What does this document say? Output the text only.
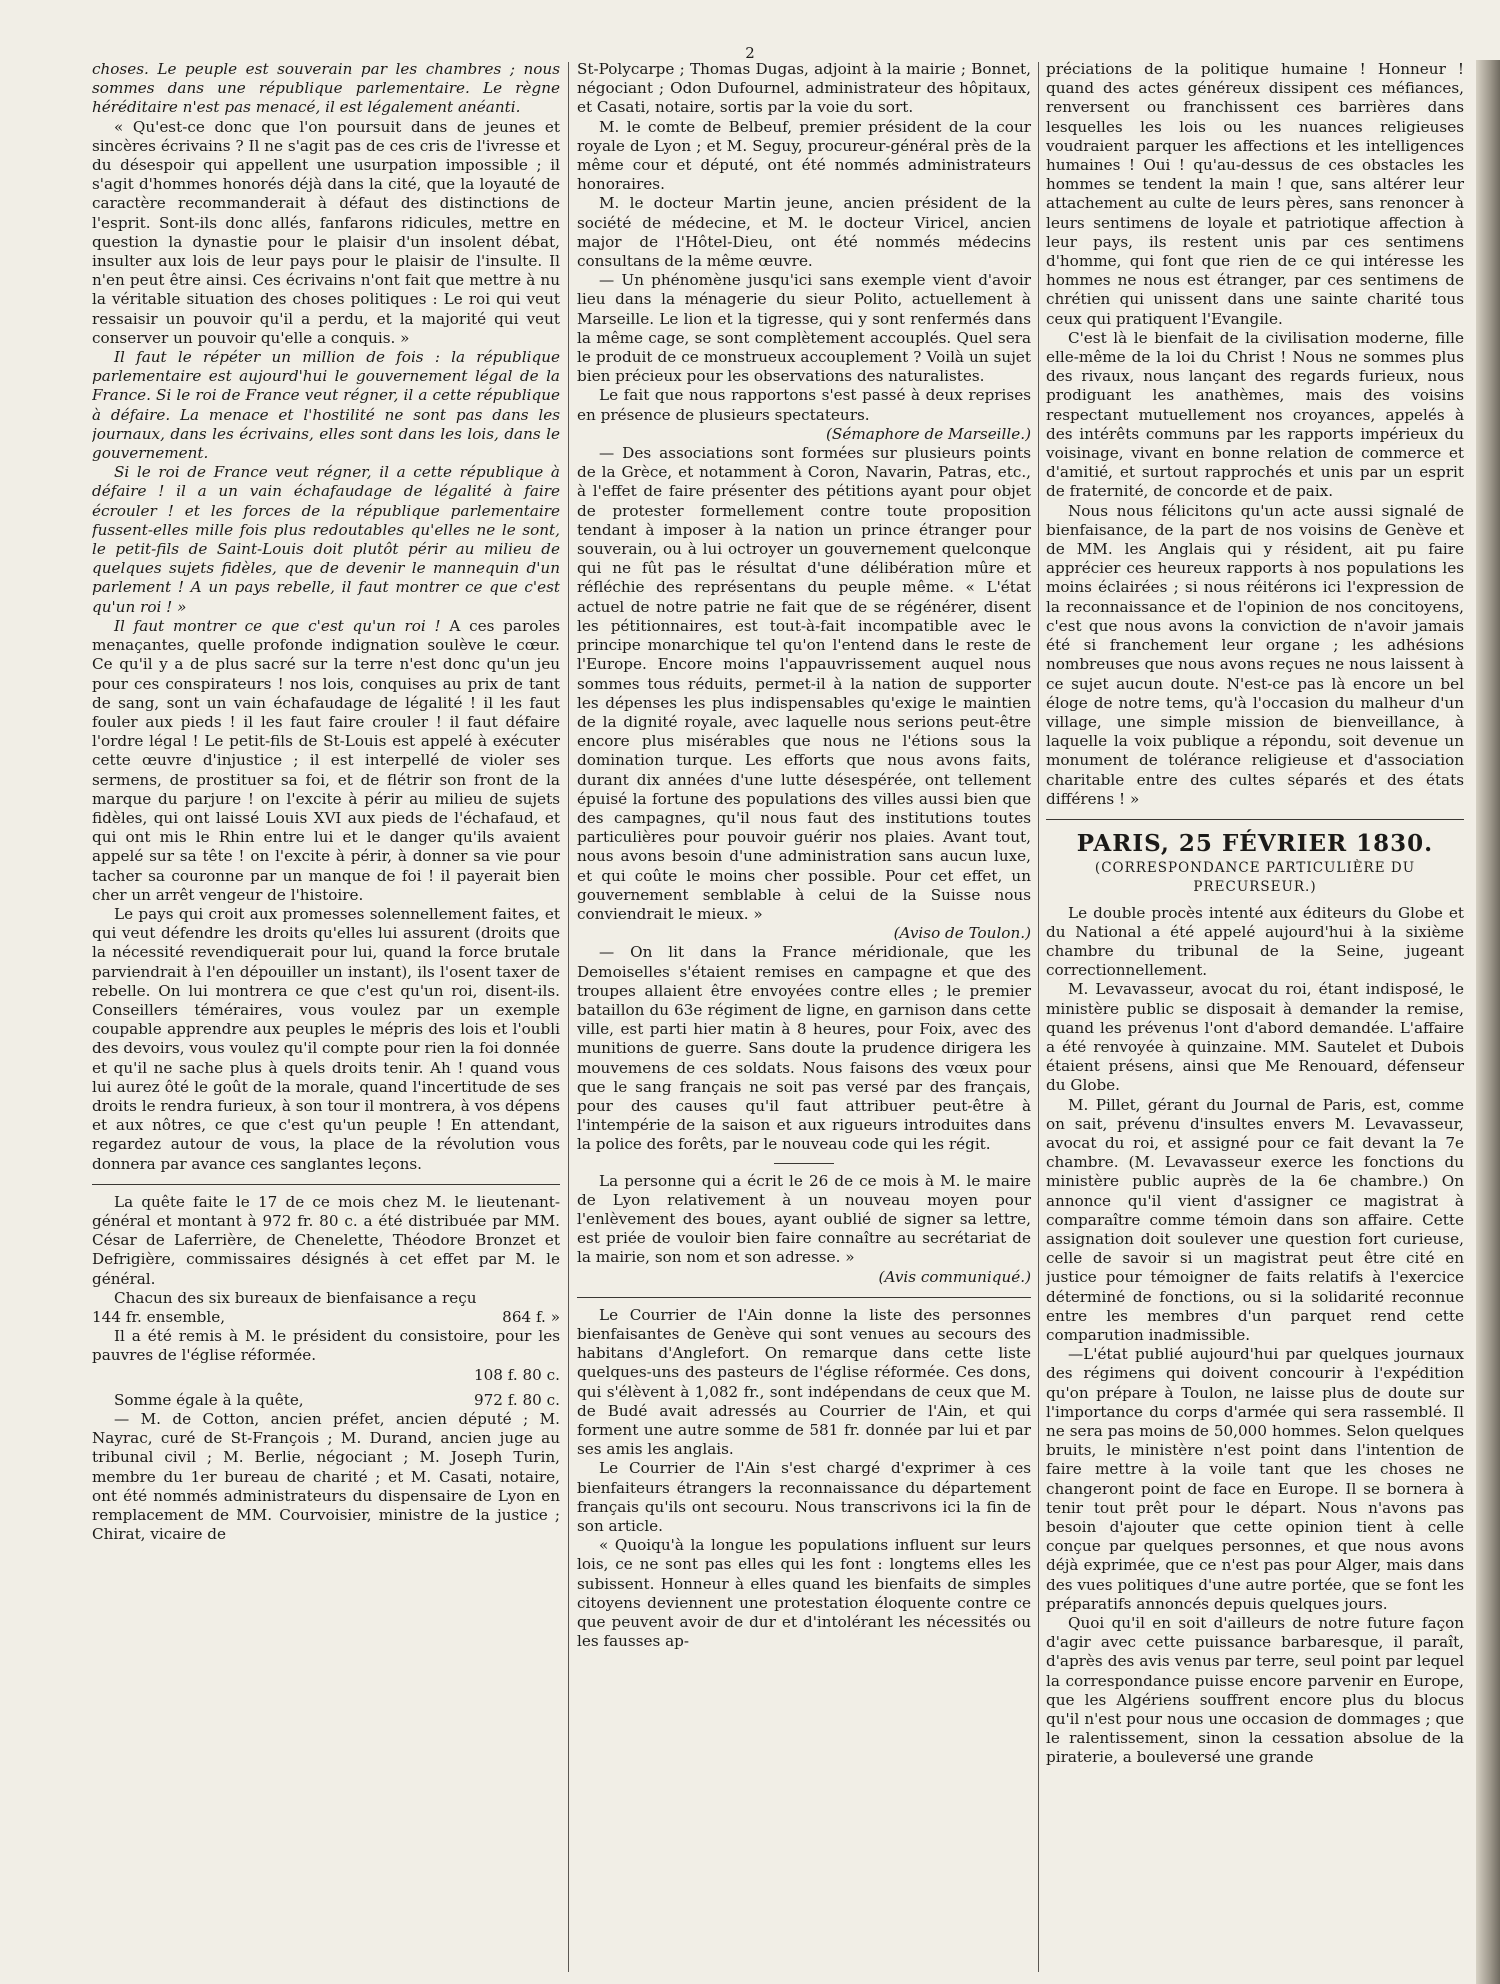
2

choses. Le peuple est souverain par les chambres ; nous sommes dans une république parlementaire. Le règne héréditaire n'est pas menacé, il est légalement anéanti.

« Qu'est-ce donc que l'on poursuit dans de jeunes et sincères écrivains ? Il ne s'agit pas de ces cris de l'ivresse et du désespoir qui appellent une usurpation impossible ; il s'agit d'hommes honorés déjà dans la cité, que la loyauté de caractère recommanderait à défaut des distinctions de l'esprit. Sont-ils donc allés, fanfarons ridicules, mettre en question la dynastie pour le plaisir d'un insolent débat, insulter aux lois de leur pays pour le plaisir de l'insulte. Il n'en peut être ainsi. Ces écrivains n'ont fait que mettre à nu la véritable situation des choses politiques : Le roi qui veut ressaisir un pouvoir qu'il a perdu, et la majorité qui veut conserver un pouvoir qu'elle a conquis. »

Il faut le répéter un million de fois : la république parlementaire est aujourd'hui le gouvernement légal de la France. Si le roi de France veut régner, il a cette république à défaire. La menace et l'hostilité ne sont pas dans les journaux, dans les écrivains, elles sont dans les lois, dans le gouvernement.

Si le roi de France veut régner, il a cette république à défaire ! il a un vain échafaudage de légalité à faire écrouler ! et les forces de la république parlementaire fussent-elles mille fois plus redoutables qu'elles ne le sont, le petit-fils de Saint-Louis doit plutôt périr au milieu de quelques sujets fidèles, que de devenir le mannequin d'un parlement ! A un pays rebelle, il faut montrer ce que c'est qu'un roi ! »

Il faut montrer ce que c'est qu'un roi ! A ces paroles menaçantes, quelle profonde indignation soulève le cœur. Ce qu'il y a de plus sacré sur la terre n'est donc qu'un jeu pour ces conspirateurs ! nos lois, conquises au prix de tant de sang, sont un vain échafaudage de légalité ! il les faut fouler aux pieds ! il les faut faire crouler ! il faut défaire l'ordre légal ! Le petit-fils de St-Louis est appelé à exécuter cette œuvre d'injustice ; il est interpellé de violer ses sermens, de prostituer sa foi, et de flétrir son front de la marque du parjure ! on l'excite à périr au milieu de sujets fidèles, qui ont laissé Louis XVI aux pieds de l'échafaud, et qui ont mis le Rhin entre lui et le danger qu'ils avaient appelé sur sa tête ! on l'excite à périr, à donner sa vie pour tacher sa couronne par un manque de foi ! il payerait bien cher un arrêt vengeur de l'histoire.

Le pays qui croit aux promesses solennellement faites, et qui veut défendre les droits qu'elles lui assurent (droits que la nécessité revendiquerait pour lui, quand la force brutale parviendrait à l'en dépouiller un instant), ils l'osent taxer de rebelle. On lui montrera ce que c'est qu'un roi, disent-ils. Conseillers téméraires, vous voulez par un exemple coupable apprendre aux peuples le mépris des lois et l'oubli des devoirs, vous voulez qu'il compte pour rien la foi donnée et qu'il ne sache plus à quels droits tenir. Ah ! quand vous lui aurez ôté le goût de la morale, quand l'incertitude de ses droits le rendra furieux, à son tour il montrera, à vos dépens et aux nôtres, ce que c'est qu'un peuple ! En attendant, regardez autour de vous, la place de la révolution vous donnera par avance ces sanglantes leçons.

La quête faite le 17 de ce mois chez M. le lieutenant-général et montant à 972 fr. 80 c. a été distribuée par MM. César de Laferrière, de Chenelette, Théodore Bronzet et Defrigière, commissaires désignés à cet effet par M. le général.

Chacun des six bureaux de bienfaisance a reçu

144 fr. ensemble,	864 f. »

Il a été remis à M. le président du consistoire, pour les pauvres de l'église réformée.

108 f. 80 c.
Somme égale à la quête,	972 f. 80 c.

— M. de Cotton, ancien préfet, ancien député ; M. Nayrac, curé de St-François ; M. Durand, ancien juge au tribunal civil ; M. Berlie, négociant ; M. Joseph Turin, membre du 1er bureau de charité ; et M. Casati, notaire, ont été nommés administrateurs du dispensaire de Lyon en remplacement de MM. Courvoisier, ministre de la justice ; Chirat, vicaire de

St-Polycarpe ; Thomas Dugas, adjoint à la mairie ; Bonnet, négociant ; Odon Dufournel, administrateur des hôpitaux, et Casati, notaire, sortis par la voie du sort.

M. le comte de Belbeuf, premier président de la cour royale de Lyon ; et M. Seguy, procureur-général près de la même cour et député, ont été nommés administrateurs honoraires.

M. le docteur Martin jeune, ancien président de la société de médecine, et M. le docteur Viricel, ancien major de l'Hôtel-Dieu, ont été nommés médecins consultans de la même œuvre.

— Un phénomène jusqu'ici sans exemple vient d'avoir lieu dans la ménagerie du sieur Polito, actuellement à Marseille. Le lion et la tigresse, qui y sont renfermés dans la même cage, se sont complètement accouplés. Quel sera le produit de ce monstrueux accouplement ? Voilà un sujet bien précieux pour les observations des naturalistes.

Le fait que nous rapportons s'est passé à deux reprises en présence de plusieurs spectateurs.

(Sémaphore de Marseille.)

— Des associations sont formées sur plusieurs points de la Grèce, et notamment à Coron, Navarin, Patras, etc., à l'effet de faire présenter des pétitions ayant pour objet de protester formellement contre toute proposition tendant à imposer à la nation un prince étranger pour souverain, ou à lui octroyer un gouvernement quelconque qui ne fût pas le résultat d'une délibération mûre et réfléchie des représentans du peuple même. « L'état actuel de notre patrie ne fait que de se régénérer, disent les pétitionnaires, est tout-à-fait incompatible avec le principe monarchique tel qu'on l'entend dans le reste de l'Europe. Encore moins l'appauvrissement auquel nous sommes tous réduits, permet-il à la nation de supporter les dépenses les plus indispensables qu'exige le maintien de la dignité royale, avec laquelle nous serions peut-être encore plus misérables que nous ne l'étions sous la domination turque. Les efforts que nous avons faits, durant dix années d'une lutte désespérée, ont tellement épuisé la fortune des populations des villes aussi bien que des campagnes, qu'il nous faut des institutions toutes particulières pour pouvoir guérir nos plaies. Avant tout, nous avons besoin d'une administration sans aucun luxe, et qui coûte le moins cher possible. Pour cet effet, un gouvernement semblable à celui de la Suisse nous conviendrait le mieux. »

(Aviso de Toulon.)

— On lit dans la France méridionale, que les Demoiselles s'étaient remises en campagne et que des troupes allaient être envoyées contre elles ; le premier bataillon du 63e régiment de ligne, en garnison dans cette ville, est parti hier matin à 8 heures, pour Foix, avec des munitions de guerre. Sans doute la prudence dirigera les mouvemens de ces soldats. Nous faisons des vœux pour que le sang français ne soit pas versé par des français, pour des causes qu'il faut attribuer peut-être à l'intempérie de la saison et aux rigueurs introduites dans la police des forêts, par le nouveau code qui les régit.

La personne qui a écrit le 26 de ce mois à M. le maire de Lyon relativement à un nouveau moyen pour l'enlèvement des boues, ayant oublié de signer sa lettre, est priée de vouloir bien faire connaître au secrétariat de la mairie, son nom et son adresse. »

(Avis communiqué.)

Le Courrier de l'Ain donne la liste des personnes bienfaisantes de Genève qui sont venues au secours des habitans d'Anglefort. On remarque dans cette liste quelques-uns des pasteurs de l'église réformée. Ces dons, qui s'élèvent à 1,082 fr., sont indépendans de ceux que M. de Budé avait adressés au Courrier de l'Ain, et qui forment une autre somme de 581 fr. donnée par lui et par ses amis les anglais.

Le Courrier de l'Ain s'est chargé d'exprimer à ces bienfaiteurs étrangers la reconnaissance du département français qu'ils ont secouru. Nous transcrivons ici la fin de son article.

« Quoiqu'à la longue les populations influent sur leurs lois, ce ne sont pas elles qui les font : longtems elles les subissent. Honneur à elles quand les bienfaits de simples citoyens deviennent une protestation éloquente contre ce que peuvent avoir de dur et d'intolérant les nécessités ou les fausses ap-

préciations de la politique humaine ! Honneur ! quand des actes généreux dissipent ces méfiances, renversent ou franchissent ces barrières dans lesquelles les lois ou les nuances religieuses voudraient parquer les affections et les intelligences humaines ! Oui ! qu'au-dessus de ces obstacles les hommes se tendent la main ! que, sans altérer leur attachement au culte de leurs pères, sans renoncer à leurs sentimens de loyale et patriotique affection à leur pays, ils restent unis par ces sentimens d'homme, qui font que rien de ce qui intéresse les hommes ne nous est étranger, par ces sentimens de chrétien qui unissent dans une sainte charité tous ceux qui pratiquent l'Evangile.

C'est là le bienfait de la civilisation moderne, fille elle-même de la loi du Christ ! Nous ne sommes plus des rivaux, nous lançant des regards furieux, nous prodiguant les anathèmes, mais des voisins respectant mutuellement nos croyances, appelés à des intérêts communs par les rapports impérieux du voisinage, vivant en bonne relation de commerce et d'amitié, et surtout rapprochés et unis par un esprit de fraternité, de concorde et de paix.

Nous nous félicitons qu'un acte aussi signalé de bienfaisance, de la part de nos voisins de Genève et de MM. les Anglais qui y résident, ait pu faire apprécier ces heureux rapports à nos populations les moins éclairées ; si nous réitérons ici l'expression de la reconnaissance et de l'opinion de nos concitoyens, c'est que nous avons la conviction de n'avoir jamais été si franchement leur organe ; les adhésions nombreuses que nous avons reçues ne nous laissent à ce sujet aucun doute. N'est-ce pas là encore un bel éloge de notre tems, qu'à l'occasion du malheur d'un village, une simple mission de bienveillance, à laquelle la voix publique a répondu, soit devenue un monument de tolérance religieuse et d'association charitable entre des cultes séparés et des états différens ! »

PARIS, 25 FÉVRIER 1830.
(CORRESPONDANCE PARTICULIÈRE DU PRECURSEUR.)

Le double procès intenté aux éditeurs du Globe et du National a été appelé aujourd'hui à la sixième chambre du tribunal de la Seine, jugeant correctionnellement.

M. Levavasseur, avocat du roi, étant indisposé, le ministère public se disposait à demander la remise, quand les prévenus l'ont d'abord demandée. L'affaire a été renvoyée à quinzaine. MM. Sautelet et Dubois étaient présens, ainsi que Me Renouard, défenseur du Globe.

M. Pillet, gérant du Journal de Paris, est, comme on sait, prévenu d'insultes envers M. Levavasseur, avocat du roi, et assigné pour ce fait devant la 7e chambre. (M. Levavasseur exerce les fonctions du ministère public auprès de la 6e chambre.) On annonce qu'il vient d'assigner ce magistrat à comparaître comme témoin dans son affaire. Cette assignation doit soulever une question fort curieuse, celle de savoir si un magistrat peut être cité en justice pour témoigner de faits relatifs à l'exercice déterminé de fonctions, ou si la solidarité reconnue entre les membres d'un parquet rend cette comparution inadmissible.

—L'état publié aujourd'hui par quelques journaux des régimens qui doivent concourir à l'expédition qu'on prépare à Toulon, ne laisse plus de doute sur l'importance du corps d'armée qui sera rassemblé. Il ne sera pas moins de 50,000 hommes. Selon quelques bruits, le ministère n'est point dans l'intention de faire mettre à la voile tant que les choses ne changeront point de face en Europe. Il se bornera à tenir tout prêt pour le départ. Nous n'avons pas besoin d'ajouter que cette opinion tient à celle conçue par quelques personnes, et que nous avons déjà exprimée, que ce n'est pas pour Alger, mais dans des vues politiques d'une autre portée, que se font les préparatifs annoncés depuis quelques jours.

Quoi qu'il en soit d'ailleurs de notre future façon d'agir avec cette puissance barbaresque, il paraît, d'après des avis venus par terre, seul point par lequel la correspondance puisse encore parvenir en Europe, que les Algériens souffrent encore plus du blocus qu'il n'est pour nous une occasion de dommages ; que le ralentissement, sinon la cessation absolue de la piraterie, a bouleversé une grande
